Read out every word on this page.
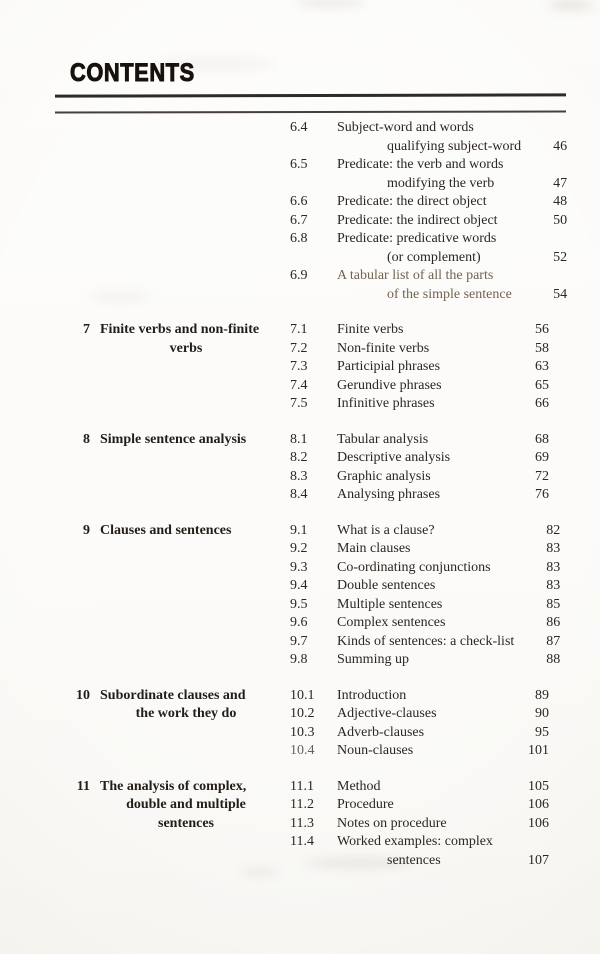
CONTENTS
6.4	Subject-word and words
qualifying subject-word	46
6.5	Predicate: the verb and words
modifying the verb	47
6.6	Predicate: the direct object	48
6.7	Predicate: the indirect object	50
6.8	Predicate: predicative words
(or complement)	52
6.9	A tabular list of all the parts
of the simple sentence	54
7 Finite verbs and non-finite
verbs
7.1	Finite verbs	56
7.2	Non-finite verbs	58
7.3	Participial phrases	63
7.4	Gerundive phrases	65
7.5	Infinitive phrases	66
8 Simple sentence analysis	8.1	Tabular analysis	68
8.2	Descriptive analysis	69
8.3	Graphic analysis	72
8.4	Analysing phrases	76
9 Clauses and sentences	9.1	What is a clause?	82
9.2	Main clauses	83
9.3	Co-ordinating conjunctions	83
9.4	Double sentences	83
9.5	Multiple sentences	85
9.6	Complex sentences	86
9.7	Kinds of sentences: a check-list	87
9.8	Summing up	88
10 Subordinate clauses and
the work they do
10.1	Introduction	89
10.2	Adjective-clauses	90
10.3	Adverb-clauses	95
10.4	Noun-clauses	101
11 The analysis of complex,
double and multiple
sentences
11.1	Method	105
11.2	Procedure	106
11.3	Notes on procedure	106
11.4	Worked examples: complex
sentences	107
